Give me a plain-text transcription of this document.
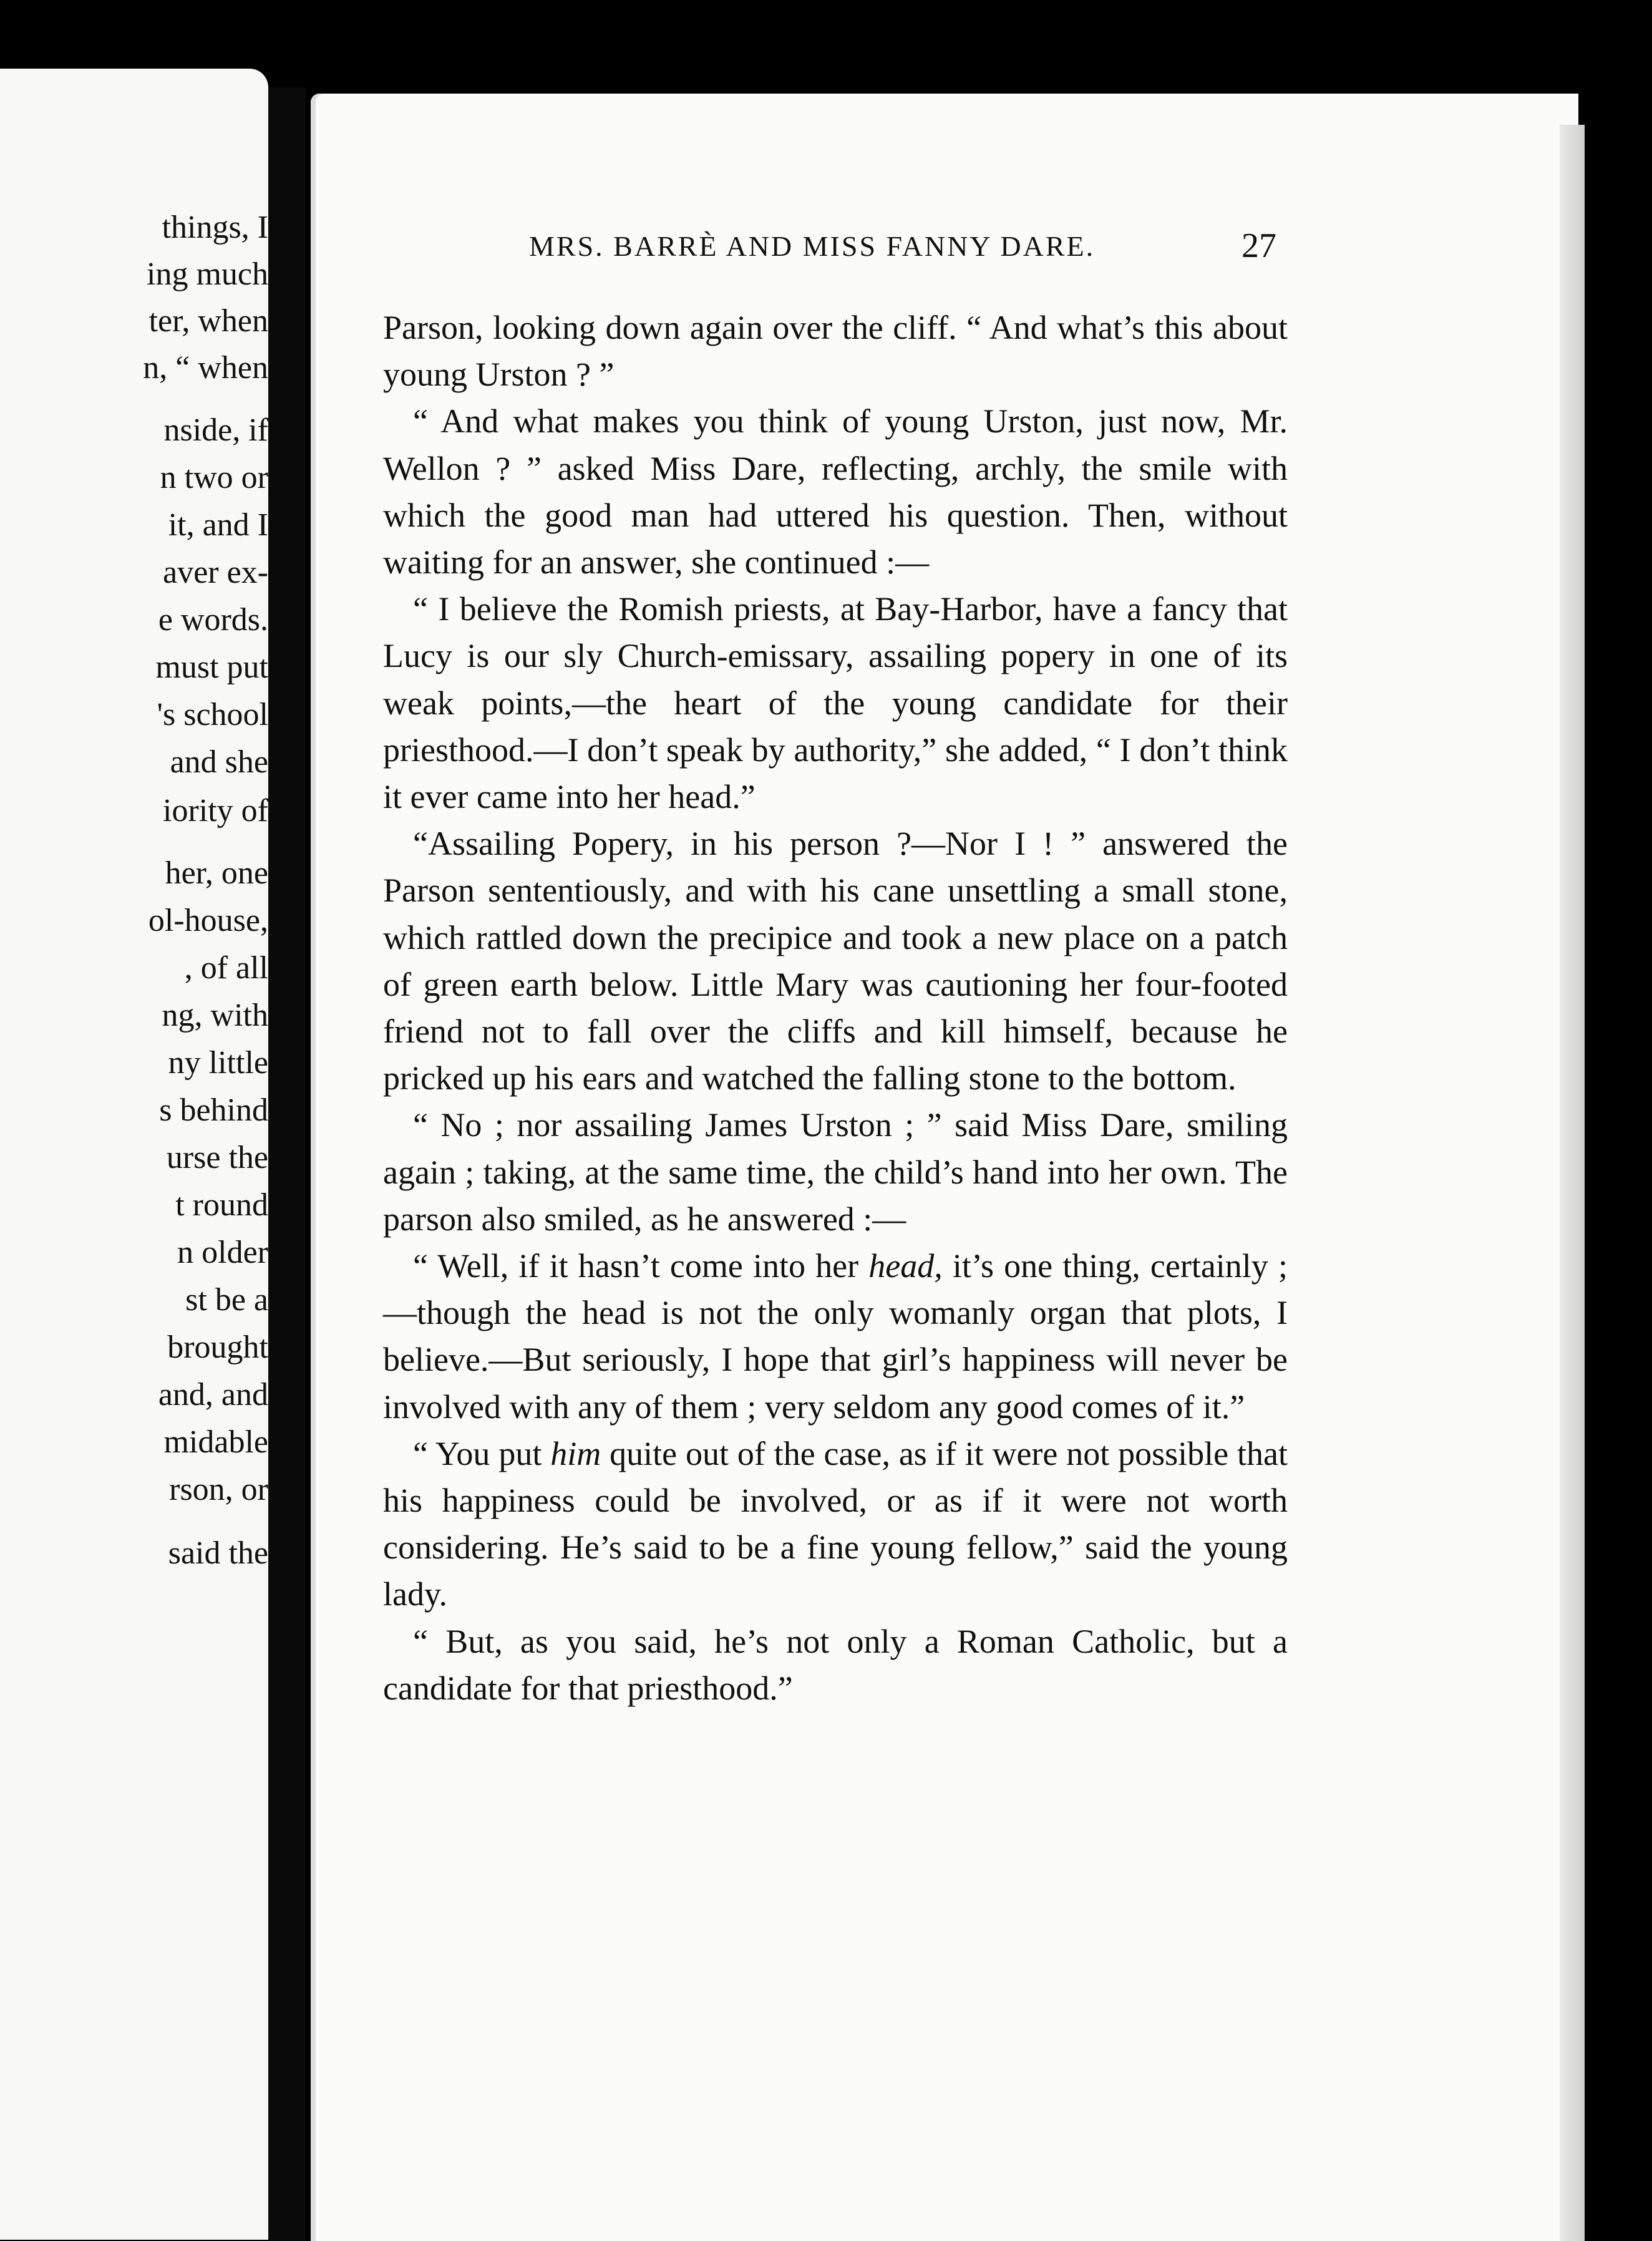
things, I
ing much
ter, when
n, “ when
nside, if
n two or
it, and I
aver ex-
e words.
must put
's school
and she
iority of
her, one
ol-house,
, of all
ng, with
ny little
s behind
urse the
t round
n older
st be a
brought
and, and
midable
rson, or
said the
MRS. BARRÈ AND MISS FANNY DARE.	27

Parson, looking down again over the cliff. “ And what’s this about young Urston ? ”

“ And what makes you think of young Urston, just now, Mr. Wellon ? ” asked Miss Dare, reflecting, archly, the smile with which the good man had uttered his question. Then, without waiting for an answer, she continued :—

“ I believe the Romish priests, at Bay-Harbor, have a fancy that Lucy is our sly Church-emissary, assailing popery in one of its weak points,—the heart of the young candidate for their priesthood.—I don’t speak by authority,” she added, “ I don’t think it ever came into her head.”

“Assailing Popery, in his person ?—Nor I ! ” answered the Parson sententiously, and with his cane unsettling a small stone, which rattled down the precipice and took a new place on a patch of green earth below. Little Mary was cautioning her four-footed friend not to fall over the cliffs and kill himself, because he pricked up his ears and watched the falling stone to the bottom.

“ No ; nor assailing James Urston ; ” said Miss Dare, smiling again ; taking, at the same time, the child’s hand into her own. The parson also smiled, as he answered :—

“ Well, if it hasn’t come into her head, it’s one thing, certainly ;—though the head is not the only womanly organ that plots, I believe.—But seriously, I hope that girl’s happiness will never be involved with any of them ; very seldom any good comes of it.”

“ You put him quite out of the case, as if it were not possible that his happiness could be involved, or as if it were not worth considering. He’s said to be a fine young fellow,” said the young lady.

“ But, as you said, he’s not only a Roman Catholic, but a candidate for that priesthood.”
